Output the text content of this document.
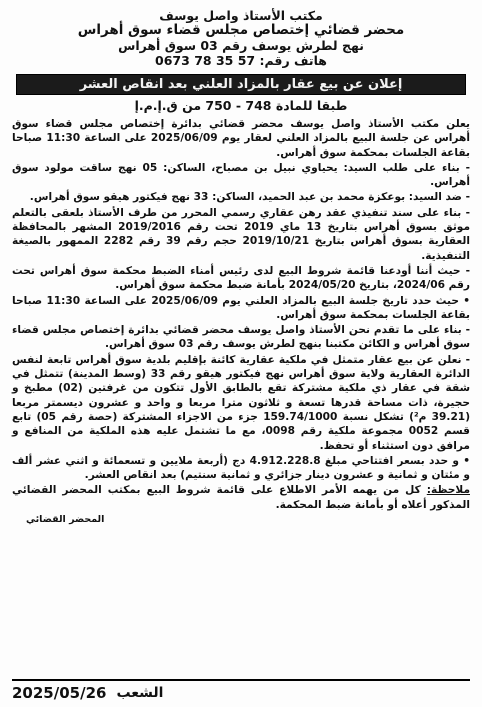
مكتب الأستاذ واصل يوسف
محضر قضائي إختصاص مجلس قضاء سوق أهراس
نهج لطرش يوسف رقم 03 سوق أهراس
هاتف رقم: 57 35 78 0673
إعلان عن بيع عقار بالمزاد العلني بعد انقاص العشر
طبقا للمادة 748 - 750 من ق.إ.م.إ

يعلن مكتب الأستاذ واصل يوسف محضر قضائي بدائرة إختصاص مجلس قضاء سوق أهراس عن جلسة البيع بالمزاد العلني لعقار يوم 2025/06/09 على الساعة 11:30 صباحا بقاعة الجلسات بمحكمة سوق أهراس.

- بناء على طلب السيد: يحياوي نبيل بن مصباح، الساكن: 05 نهج ساقت مولود سوق أهراس.

- ضد السيد: بوعكزة محمد بن عبد الحميد، الساكن: 33 نهج فيكتور هيقو سوق أهراس.

- بناء على سند تنفيذي عقد رهن عقاري رسمي المحرر من طرف الأستاذ بلعقى بالتعلم موثق بسوق أهراس بتاريخ 13 ماي 2019 تحت رقم 2019/2016 المشهر بالمحافظة العقارية بسوق أهراس بتاريخ 2019/10/21 حجم رقم 39 رقم 2282 الممهور بالصيغة التنفيذية.

- حيث أننا أودعنا قائمة شروط البيع لدى رئيس أمناء الضبط محكمة سوق أهراس تحت رقم 2024/06، بتاريخ 2024/05/20 بأمانة ضبط محكمة سوق أهراس.

• حيث حدد تاريخ جلسة البيع بالمزاد العلني يوم 2025/06/09 على الساعة 11:30 صباحا بقاعة الجلسات بمحكمة سوق أهراس.

- بناء على ما تقدم نحن الأستاذ واصل يوسف محضر قضائي بدائرة إختصاص مجلس قضاء سوق أهراس و الكائن مكتبنا بنهج لطرش يوسف رقم 03 سوق أهراس.

- نعلن عن بيع عقار متمثل في ملكية عقارية كائنة بإقليم بلدية سوق أهراس تابعة لنفس الدائرة العقارية ولاية سوق أهراس نهج فيكتور هيقو رقم 33 (وسط المدينة) تتمثل في شقة في عقار ذي ملكية مشتركة تقع بالطابق الأول تتكون من غرفتين (02) مطبخ و حجيرة، ذات مساحة قدرها تسعة و ثلاثون مترا مربعا و واحد و عشرون ديسمتر مربعا (39.21 م²) تشكل نسبة 159.74/1000 جزء من الاجزاء المشتركة (حصة رقم 05) تابع قسم 0052 مجموعة ملكية رقم 0098، مع ما تشتمل عليه هذه الملكية من المنافع و مرافق دون استثناء أو تحفظ.

• و حدد بسعر افتتاحي مبلغ 4.912.228.8 دج (أربعة ملايين و تسعمائة و اثني عشر ألف و مئتان و ثمانية و عشرون دينار جزائري و ثمانية سنتيم) بعد انقاص العشر.

ملاحظة: كل من يهمه الأمر الاطلاع على قائمة شروط البيع بمكتب المحضر القضائي المذكور أعلاه أو بأمانة ضبط المحكمة.

المحضر القضائي
2025/05/26 الشعب
